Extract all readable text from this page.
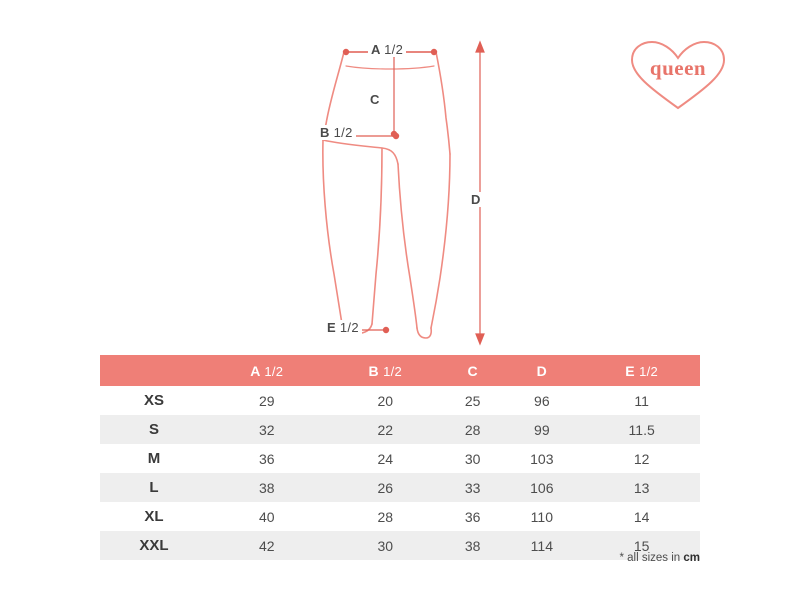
queen
A 1/2
B 1/2
C
D
E 1/2
	A 1/2	B 1/2	C	D	E 1/2
XS	29	20	25	96	11
S	32	22	28	99	11.5
M	36	24	30	103	12
L	38	26	33	106	13
XL	40	28	36	110	14
XXL	42	30	38	114	15
* all sizes in cm
